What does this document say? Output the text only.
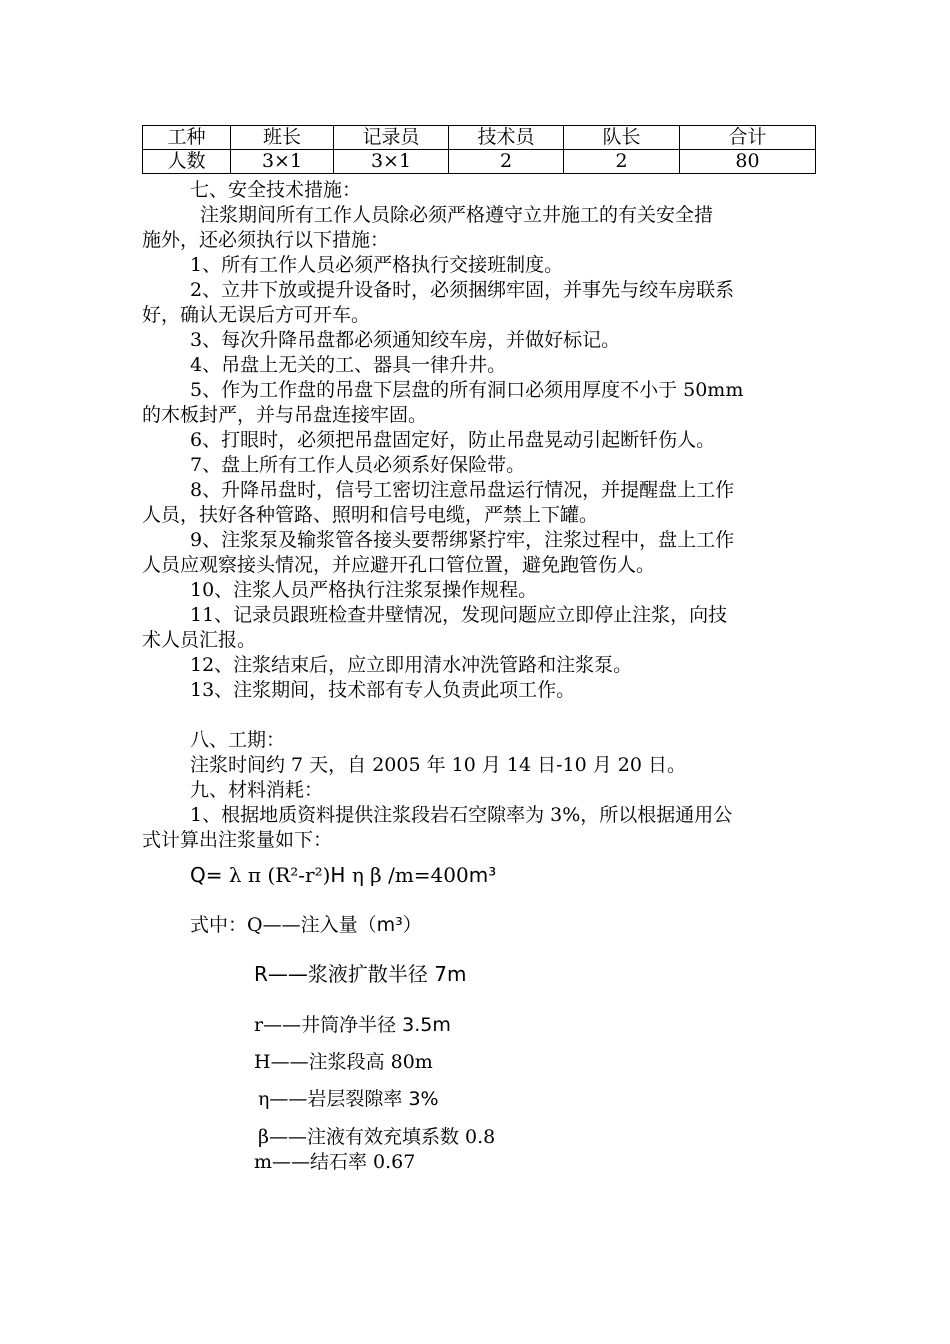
工种	班长	记录员	技术员	队长	合计
人数	3×1	3×1	2	2	80
七、安全技术措施：
注浆期间所有工作人员除必须严格遵守立井施工的有关安全措
施外，还必须执行以下措施：
1、所有工作人员必须严格执行交接班制度。
2、立井下放或提升设备时，必须捆绑牢固，并事先与绞车房联系
好，确认无误后方可开车。
3、每次升降吊盘都必须通知绞车房，并做好标记。
4、吊盘上无关的工、器具一律升井。
5、作为工作盘的吊盘下层盘的所有洞口必须用厚度不小于 50mm
的木板封严，并与吊盘连接牢固。
6、打眼时，必须把吊盘固定好，防止吊盘晃动引起断钎伤人。
7、盘上所有工作人员必须系好保险带。
8、升降吊盘时，信号工密切注意吊盘运行情况，并提醒盘上工作
人员，扶好各种管路、照明和信号电缆，严禁上下罐。
9、注浆泵及输浆管各接头要帮绑紧拧牢，注浆过程中，盘上工作
人员应观察接头情况，并应避开孔口管位置，避免跑管伤人。
10、注浆人员严格执行注浆泵操作规程。
11、记录员跟班检查井壁情况，发现问题应立即停止注浆，向技
术人员汇报。
12、注浆结束后，应立即用清水冲洗管路和注浆泵。
13、注浆期间，技术部有专人负责此项工作。
八、工期：
注浆时间约 7 天，自 2005 年 10 月 14 日-10 月 20 日。
九、材料消耗：
1、根据地质资料提供注浆段岩石空隙率为 3%，所以根据通用公
式计算出注浆量如下：
Q= λ π (R²-r²)H η β /m=400m³
式中：Q——注入量（m³）
R——浆液扩散半径 7m
r——井筒净半径 3.5m
H——注浆段高 80m
η——岩层裂隙率 3%
β——注液有效充填系数 0.8
m——结石率 0.67
